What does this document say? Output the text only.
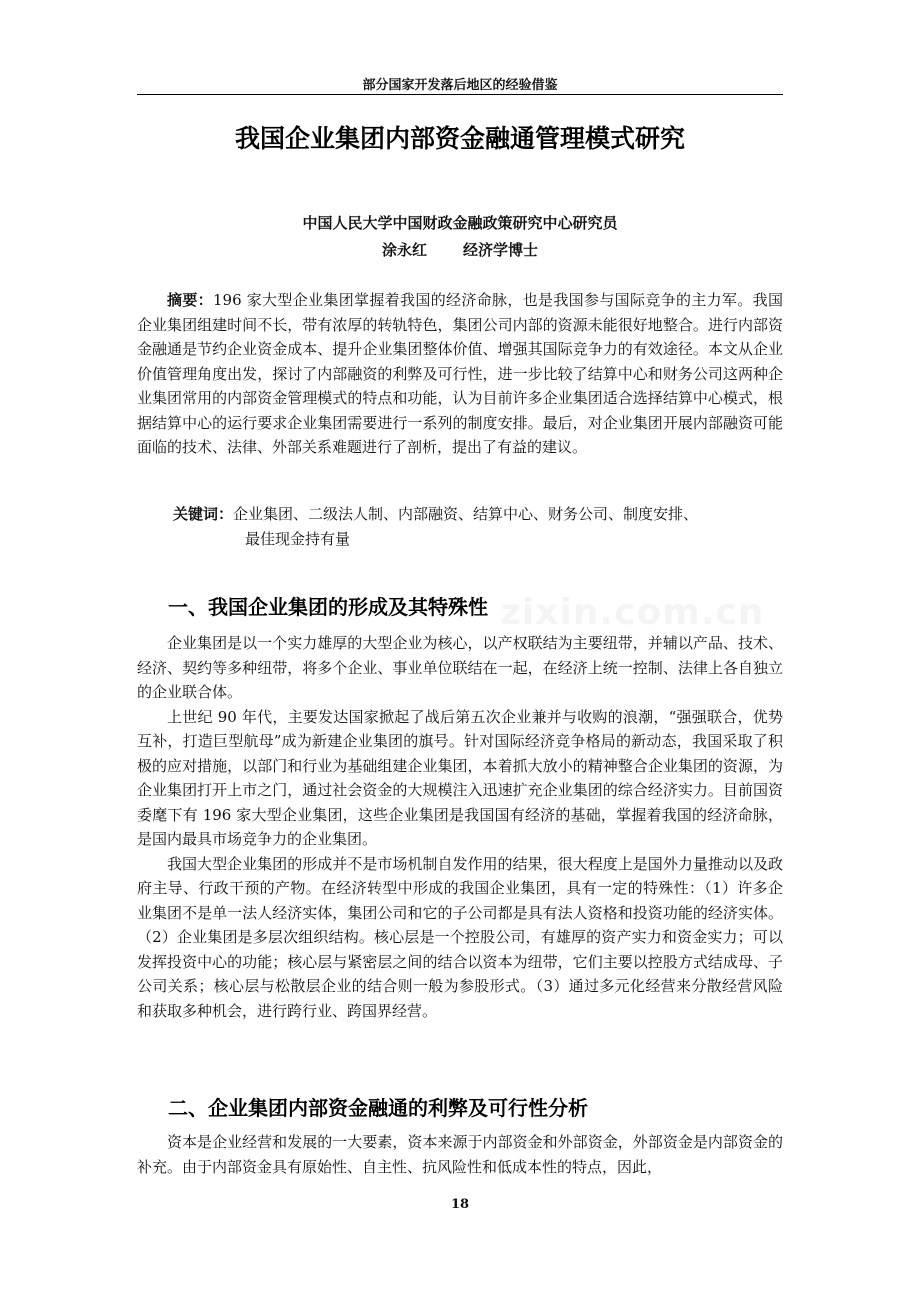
部分国家开发落后地区的经验借鉴
我国企业集团内部资金融通管理模式研究
中国人民大学中国财政金融政策研究中心研究员
涂永红 经济学博士

摘要：196 家大型企业集团掌握着我国的经济命脉，也是我国参与国际竞争的主力军。我国企业集团组建时间不长，带有浓厚的转轨特色，集团公司内部的资源未能很好地整合。进行内部资金融通是节约企业资金成本、提升企业集团整体价值、增强其国际竞争力的有效途径。本文从企业价值管理角度出发，探讨了内部融资的利弊及可行性，进一步比较了结算中心和财务公司这两种企业集团常用的内部资金管理模式的特点和功能，认为目前许多企业集团适合选择结算中心模式，根据结算中心的运行要求企业集团需要进行一系列的制度安排。最后，对企业集团开展内部融资可能面临的技术、法律、外部关系难题进行了剖析，提出了有益的建议。

关键词：企业集团、二级法人制、内部融资、结算中心、财务公司、制度安排、
最佳现金持有量
一、我国企业集团的形成及其特殊性

企业集团是以一个实力雄厚的大型企业为核心，以产权联结为主要纽带，并辅以产品、技术、经济、契约等多种纽带，将多个企业、事业单位联结在一起，在经济上统一控制、法律上各自独立的企业联合体。

上世纪 90 年代，主要发达国家掀起了战后第五次企业兼并与收购的浪潮，“强强联合，优势互补，打造巨型航母”成为新建企业集团的旗号。针对国际经济竞争格局的新动态，我国采取了积极的应对措施，以部门和行业为基础组建企业集团，本着抓大放小的精神整合企业集团的资源，为企业集团打开上市之门，通过社会资金的大规模注入迅速扩充企业集团的综合经济实力。目前国资委麾下有 196 家大型企业集团，这些企业集团是我国国有经济的基础，掌握着我国的经济命脉，是国内最具市场竞争力的企业集团。

我国大型企业集团的形成并不是市场机制自发作用的结果，很大程度上是国外力量推动以及政府主导、行政干预的产物。在经济转型中形成的我国企业集团，具有一定的特殊性：（1）许多企业集团不是单一法人经济实体，集团公司和它的子公司都是具有法人资格和投资功能的经济实体。（2）企业集团是多层次组织结构。核心层是一个控股公司，有雄厚的资产实力和资金实力；可以发挥投资中心的功能；核心层与紧密层之间的结合以资本为纽带，它们主要以控股方式结成母、子公司关系；核心层与松散层企业的结合则一般为参股形式。（3）通过多元化经营来分散经营风险和获取多种机会，进行跨行业、跨国界经营。

二、企业集团内部资金融通的利弊及可行性分析

资本是企业经营和发展的一大要素，资本来源于内部资金和外部资金，外部资金是内部资金的补充。由于内部资金具有原始性、自主性、抗风险性和低成本性的特点，因此，

18
